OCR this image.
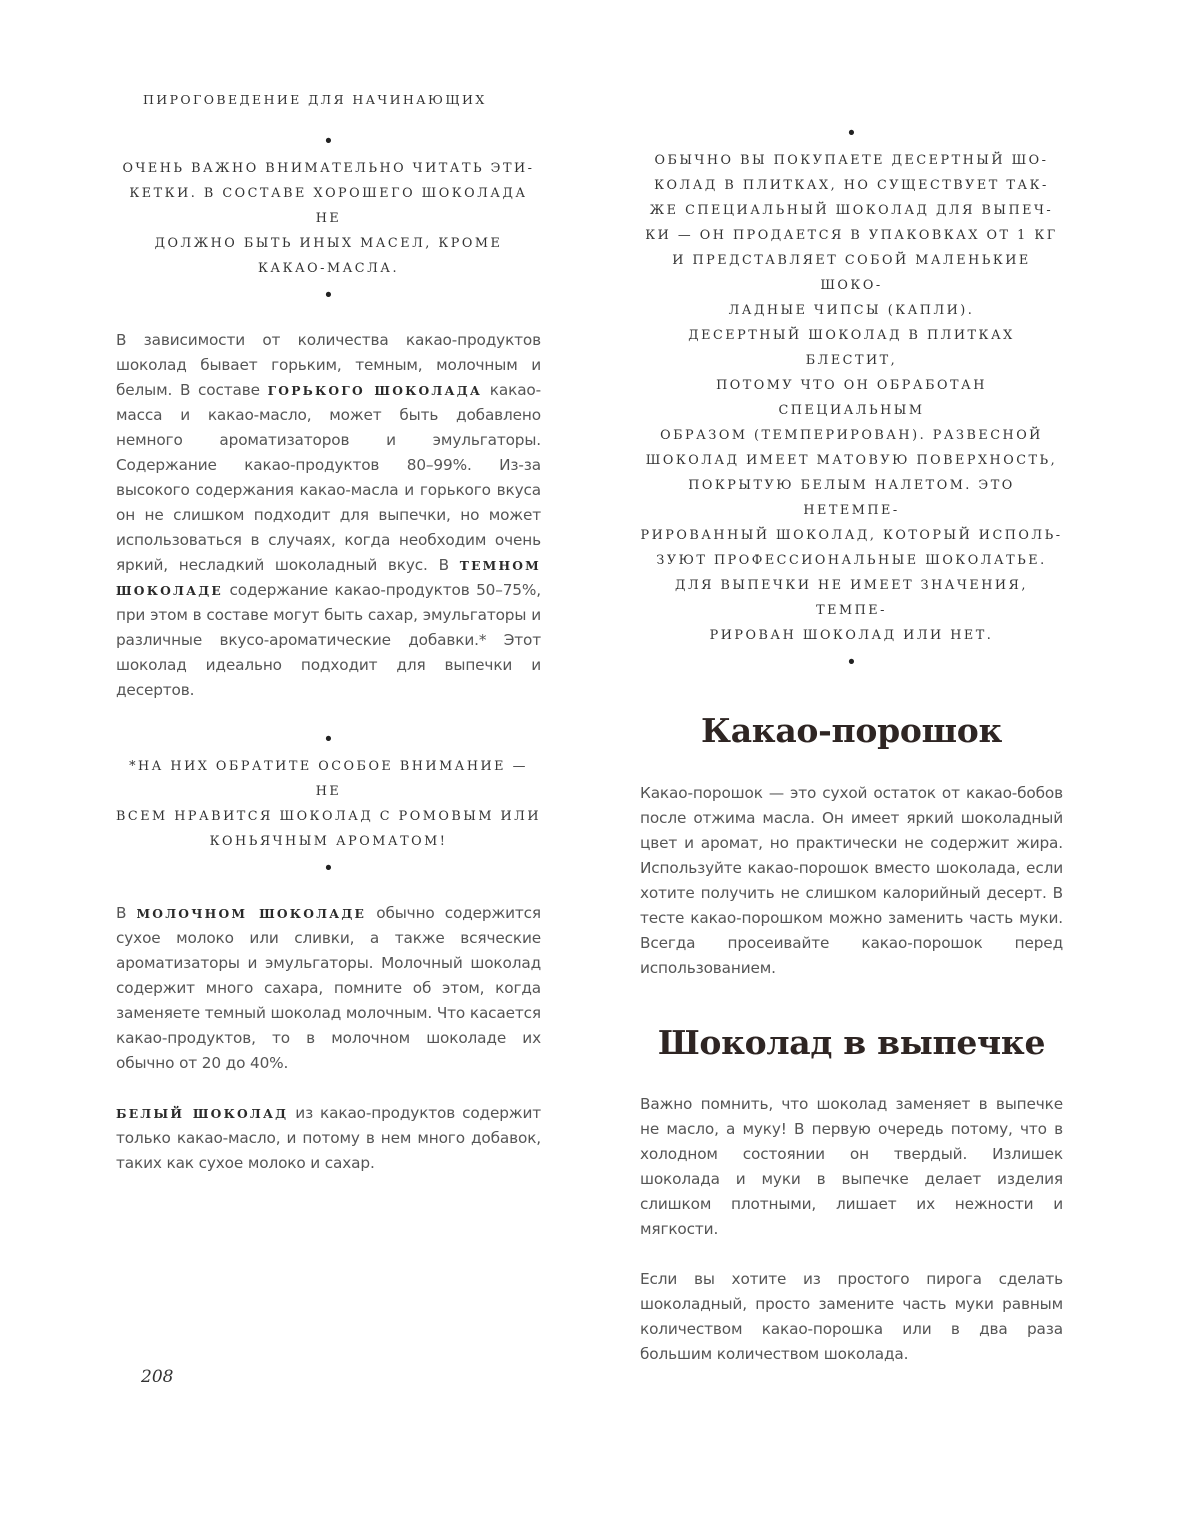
ПИРОГОВЕДЕНИЕ ДЛЯ НАЧИНАЮЩИХ
•
ОЧЕНЬ ВАЖНО ВНИМАТЕЛЬНО ЧИТАТЬ ЭТИ-
КЕТКИ. В СОСТАВЕ ХОРОШЕГО ШОКОЛАДА НЕ
ДОЛЖНО БЫТЬ ИНЫХ МАСЕЛ, КРОМЕ
КАКАО-МАСЛА.
•

В зависимости от количества какао-продуктов шоколад бывает горьким, темным, молочным и белым. В составе ГОРЬКОГО ШОКОЛАДА какао-масса и какао-масло, может быть добавлено немного ароматизаторов и эмульгаторы. Содержание какао-продуктов 80–99%. Из-за высокого содержания какао-масла и горького вкуса он не слишком подходит для выпечки, но может использоваться в случаях, когда необходим очень яркий, несладкий шоколадный вкус. В ТЕМНОМ ШОКОЛАДЕ содержание какао-продуктов 50–75%, при этом в составе могут быть сахар, эмульгаторы и различные вкусо-ароматические добавки.* Этот шоколад идеально подходит для выпечки и десертов.

•
*НА НИХ ОБРАТИТЕ ОСОБОЕ ВНИМАНИЕ — НЕ
ВСЕМ НРАВИТСЯ ШОКОЛАД С РОМОВЫМ ИЛИ
КОНЬЯЧНЫМ АРОМАТОМ!
•

В МОЛОЧНОМ ШОКОЛАДЕ обычно содержится сухое молоко или сливки, а также всяческие ароматизаторы и эмульгаторы. Молочный шоколад содержит много сахара, помните об этом, когда заменяете темный шоколад молочным. Что касается какао-продуктов, то в молочном шоколаде их обычно от 20 до 40%.

БЕЛЫЙ ШОКОЛАД из какао-продуктов содержит только какао-масло, и потому в нем много добавок, таких как сухое молоко и сахар.

•
ОБЫЧНО ВЫ ПОКУПАЕТЕ ДЕСЕРТНЫЙ ШО-
КОЛАД В ПЛИТКАХ, НО СУЩЕСТВУЕТ ТАК-
ЖЕ СПЕЦИАЛЬНЫЙ ШОКОЛАД ДЛЯ ВЫПЕЧ-
КИ — ОН ПРОДАЕТСЯ В УПАКОВКАХ ОТ 1 КГ
И ПРЕДСТАВЛЯЕТ СОБОЙ МАЛЕНЬКИЕ ШОКО-
ЛАДНЫЕ ЧИПСЫ (КАПЛИ).
ДЕСЕРТНЫЙ ШОКОЛАД В ПЛИТКАХ БЛЕСТИТ,
ПОТОМУ ЧТО ОН ОБРАБОТАН СПЕЦИАЛЬНЫМ
ОБРАЗОМ (ТЕМПЕРИРОВАН). РАЗВЕСНОЙ
ШОКОЛАД ИМЕЕТ МАТОВУЮ ПОВЕРХНОСТЬ,
ПОКРЫТУЮ БЕЛЫМ НАЛЕТОМ. ЭТО НЕТЕМПЕ-
РИРОВАННЫЙ ШОКОЛАД, КОТОРЫЙ ИСПОЛЬ-
ЗУЮТ ПРОФЕССИОНАЛЬНЫЕ ШОКОЛАТЬЕ.
ДЛЯ ВЫПЕЧКИ НЕ ИМЕЕТ ЗНАЧЕНИЯ, ТЕМПЕ-
РИРОВАН ШОКОЛАД ИЛИ НЕТ.
•
Какао-порошок

Какао-порошок — это сухой остаток от какао-бобов после отжима масла. Он имеет яркий шоколадный цвет и аромат, но практически не содержит жира. Используйте какао-порошок вместо шоколада, если хотите получить не слишком калорийный десерт. В тесте какао-порошком можно заменить часть муки. Всегда просеивайте какао-порошок перед использованием.

Шоколад в выпечке

Важно помнить, что шоколад заменяет в выпечке не масло, а муку! В первую очередь потому, что в холодном состоянии он твердый. Излишек шоколада и муки в выпечке делает изделия слишком плотными, лишает их нежности и мягкости.

Если вы хотите из простого пирога сделать шоколадный, просто замените часть муки равным количеством какао-порошка или в два раза большим количеством шоколада.

208
